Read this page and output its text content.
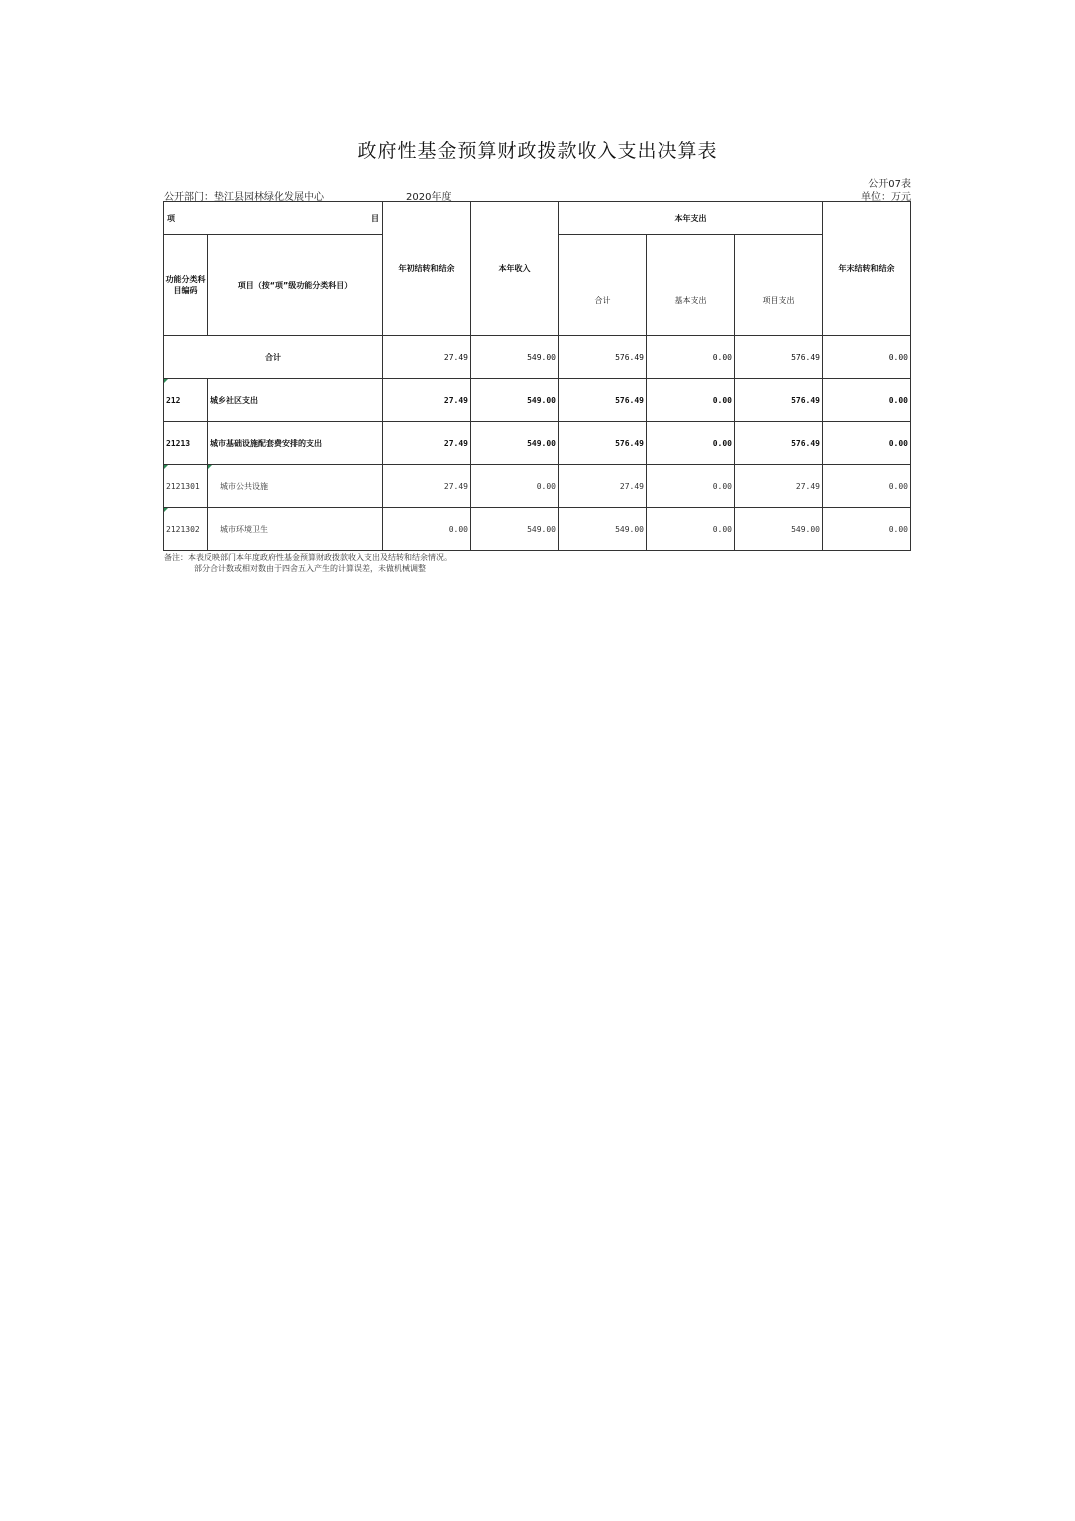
政府性基金预算财政拨款收入支出决算表
公开部门：垫江县园林绿化发展中心	2020年度
公开07表
单位：万元
项 目		年初结转和结余	本年收入	本年支出			年末结转和结余
功能分类科目编码	项目（按“项”级功能分类科目）			合计	基本支出	项目支出	
合计		27.49	549.00	576.49	0.00	576.49	0.00
212	城乡社区支出	27.49	549.00	576.49	0.00	576.49	0.00
21213	城市基础设施配套费安排的支出	27.49	549.00	576.49	0.00	576.49	0.00
2121301	城市公共设施	27.49	0.00	27.49	0.00	27.49	0.00
2121302	城市环境卫生	0.00	549.00	549.00	0.00	549.00	0.00
备注：本表反映部门本年度政府性基金预算财政拨款收入支出及结转和结余情况。
部分合计数或相对数由于四舍五入产生的计算误差，未做机械调整
